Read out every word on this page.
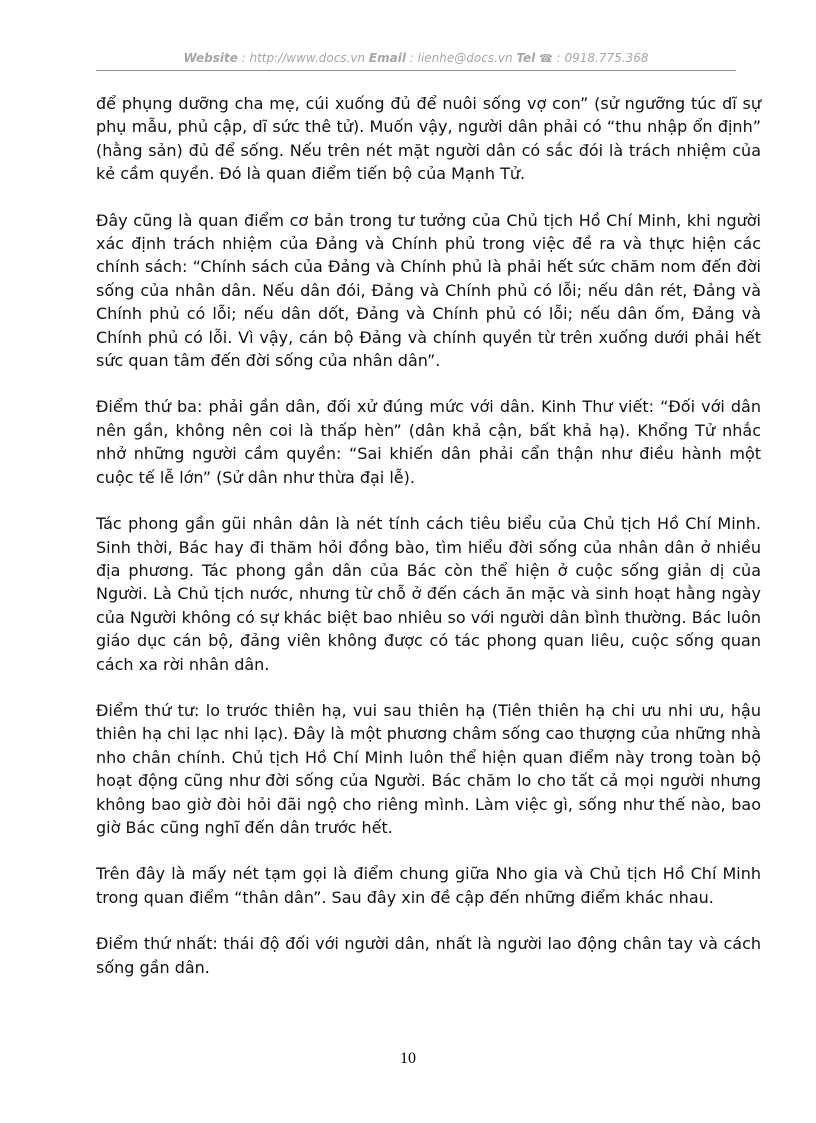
Website : http://www.docs.vn Email : lienhe@docs.vn Tel ☎ : 0918.775.368

để phụng dưỡng cha mẹ, cúi xuống đủ để nuôi sống vợ con” (sử ngưỡng túc dĩ sự phụ mẫu, phủ cập, dĩ sức thê tử). Muốn vậy, người dân phải có “thu nhập ổn định” (hằng sản) đủ để sống. Nếu trên nét mặt người dân có sắc đói là trách nhiệm của kẻ cầm quyền. Đó là quan điểm tiến bộ của Mạnh Tử.

Đây cũng là quan điểm cơ bản trong tư tưởng của Chủ tịch Hồ Chí Minh, khi người xác định trách nhiệm của Đảng và Chính phủ trong việc đề ra và thực hiện các chính sách: “Chính sách của Đảng và Chính phủ là phải hết sức chăm nom đến đời sống của nhân dân. Nếu dân đói, Đảng và Chính phủ có lỗi; nếu dân rét, Đảng và Chính phủ có lỗi; nếu dân dốt, Đảng và Chính phủ có lỗi; nếu dân ốm, Đảng và Chính phủ có lỗi. Vì vậy, cán bộ Đảng và chính quyền từ trên xuống dưới phải hết sức quan tâm đến đời sống của nhân dân”.

Điểm thứ ba: phải gần dân, đối xử đúng mức với dân. Kinh Thư viết: “Đối với dân nên gần, không nên coi là thấp hèn” (dân khả cận, bất khả hạ). Khổng Tử nhắc nhở những người cầm quyền: “Sai khiến dân phải cẩn thận như điều hành một cuộc tế lễ lớn” (Sử dân như thừa đại lễ).

Tác phong gần gũi nhân dân là nét tính cách tiêu biểu của Chủ tịch Hồ Chí Minh. Sinh thời, Bác hay đi thăm hỏi đồng bào, tìm hiểu đời sống của nhân dân ở nhiều địa phương. Tác phong gần dân của Bác còn thể hiện ở cuộc sống giản dị của Người. Là Chủ tịch nước, nhưng từ chỗ ở đến cách ăn mặc và sinh hoạt hằng ngày của Người không có sự khác biệt bao nhiêu so với người dân bình thường. Bác luôn giáo dục cán bộ, đảng viên không được có tác phong quan liêu, cuộc sống quan cách xa rời nhân dân.

Điểm thứ tư: lo trước thiên hạ, vui sau thiên hạ (Tiên thiên hạ chi ưu nhi ưu, hậu thiên hạ chi lạc nhi lạc). Đây là một phương châm sống cao thượng của những nhà nho chân chính. Chủ tịch Hồ Chí Minh luôn thể hiện quan điểm này trong toàn bộ hoạt động cũng như đời sống của Người. Bác chăm lo cho tất cả mọi người nhưng không bao giờ đòi hỏi đãi ngộ cho riêng mình. Làm việc gì, sống như thế nào, bao giờ Bác cũng nghĩ đến dân trước hết.

Trên đây là mấy nét tạm gọi là điểm chung giữa Nho gia và Chủ tịch Hồ Chí Minh trong quan điểm “thân dân”. Sau đây xin đề cập đến những điểm khác nhau.

Điểm thứ nhất: thái độ đối với người dân, nhất là người lao động chân tay và cách sống gần dân.

10
